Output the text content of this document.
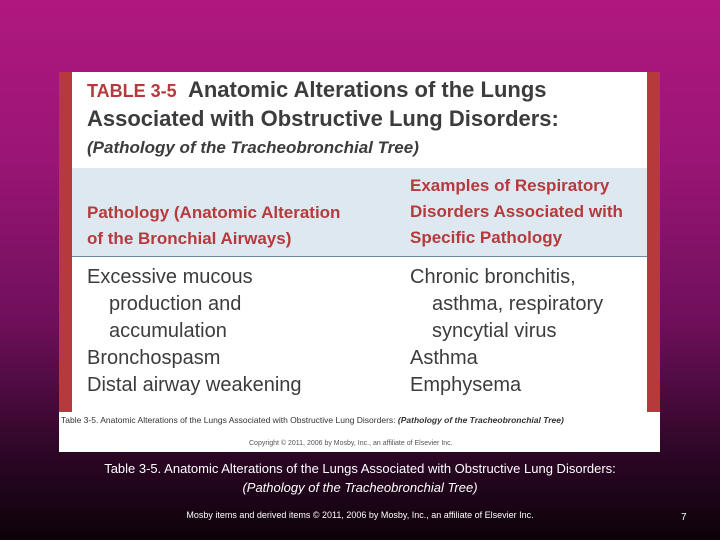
TABLE 3-5 Anatomic Alterations of the Lungs
Associated with Obstructive Lung Disorders:
(Pathology of the Tracheobronchial Tree)
Pathology (Anatomic Alteration
of the Bronchial Airways)
Examples of Respiratory
Disorders Associated with
Specific Pathology
Excessive mucous
production and
accumulation
Bronchospasm
Distal airway weakening
Chronic bronchitis,
asthma, respiratory
syncytial virus
Asthma
Emphysema
Table 3-5. Anatomic Alterations of the Lungs Associated with Obstructive Lung Disorders: (Pathology of the Tracheobronchial Tree)
Copyright © 2011, 2006 by Mosby, Inc., an affiliate of Elsevier Inc.
Table 3-5. Anatomic Alterations of the Lungs Associated with Obstructive Lung Disorders:
(Pathology of the Tracheobronchial Tree)
Mosby items and derived items © 2011, 2006 by Mosby, Inc., an affiliate of Elsevier Inc.	7
